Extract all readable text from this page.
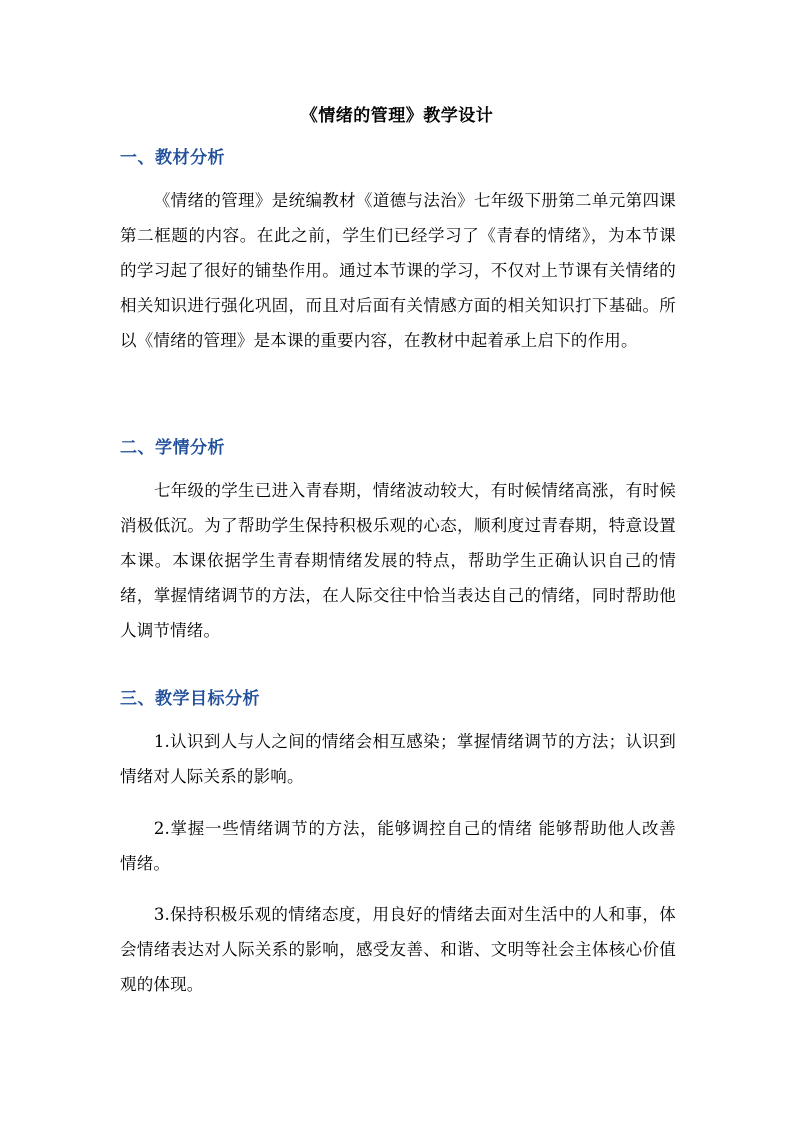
《情绪的管理》教学设计
一、教材分析
《情绪的管理》是统编教材《道德与法治》七年级下册第二单元第四课第二框题的内容。在此之前，学生们已经学习了《青春的情绪》，为本节课的学习起了很好的铺垫作用。通过本节课的学习，不仅对上节课有关情绪的相关知识进行强化巩固，而且对后面有关情感方面的相关知识打下基础。所以《情绪的管理》是本课的重要内容，在教材中起着承上启下的作用。
二、学情分析
七年级的学生已进入青春期，情绪波动较大，有时候情绪高涨，有时候消极低沉。为了帮助学生保持积极乐观的心态，顺利度过青春期，特意设置本课。本课依据学生青春期情绪发展的特点，帮助学生正确认识自己的情绪，掌握情绪调节的方法，在人际交往中恰当表达自己的情绪，同时帮助他人调节情绪。
三、教学目标分析
1.认识到人与人之间的情绪会相互感染；掌握情绪调节的方法；认识到情绪对人际关系的影响。
2.掌握一些情绪调节的方法，能够调控自己的情绪 能够帮助他人改善情绪。
3.保持积极乐观的情绪态度，用良好的情绪去面对生活中的人和事，体会情绪表达对人际关系的影响，感受友善、和谐、文明等社会主体核心价值观的体现。
